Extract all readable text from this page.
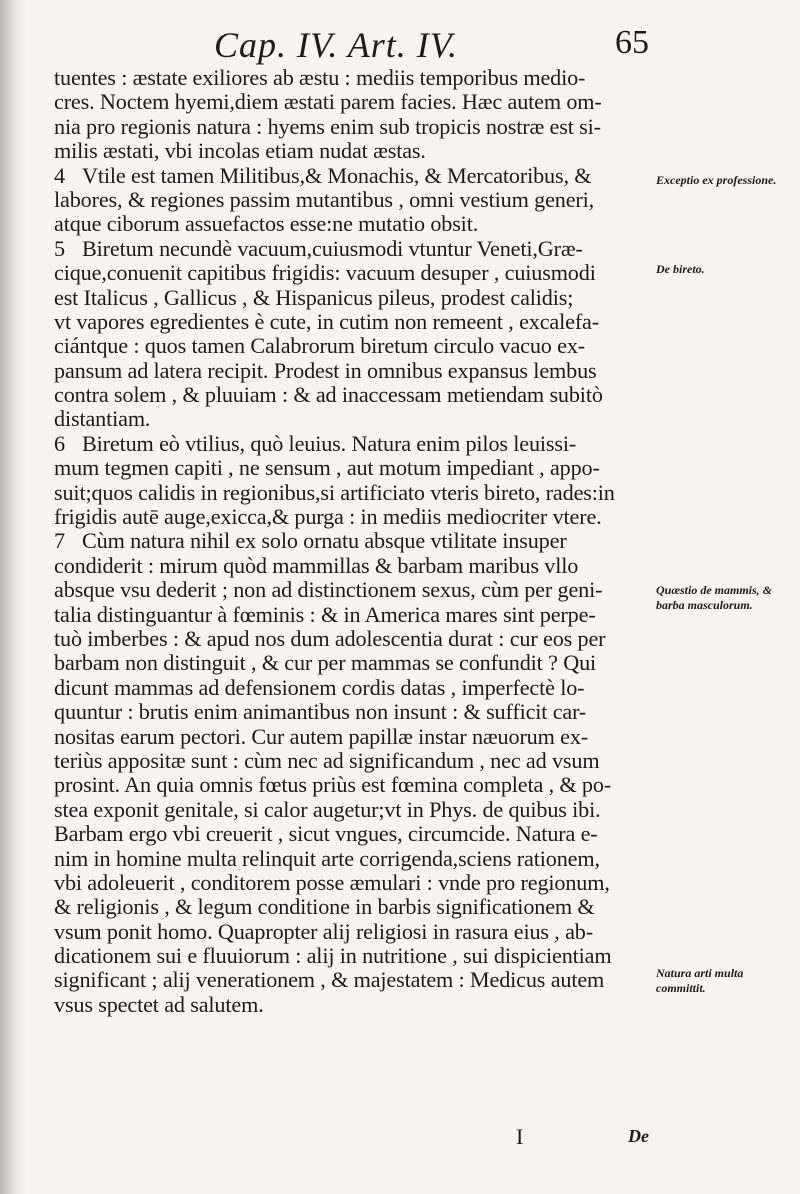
Cap. IV. Art. IV.	65
tuentes : æstate exiliores ab æstu : mediis temporibus medio-
cres. Noctem hyemi,diem æstati parem facies. Hæc autem om-
nia pro regionis natura : hyems enim sub tropicis nostræ est si-
milis æstati, vbi incolas etiam nudat æstas.
4 Vtile est tamen Militibus,& Monachis, & Mercatoribus, &
labores, & regiones passim mutantibus , omni vestium generi,
atque ciborum assuefactos esse:ne mutatio obsit.
5 Biretum necundè vacuum,cuiusmodi vtuntur Veneti,Græ-
cique,conuenit capitibus frigidis: vacuum desuper , cuiusmodi
est Italicus , Gallicus , & Hispanicus pileus, prodest calidis;
vt vapores egredientes è cute, in cutim non remeent , excalefa-
ciántque : quos tamen Calabrorum biretum circulo vacuo ex-
pansum ad latera recipit. Prodest in omnibus expansus lembus
contra solem , & pluuiam : & ad inaccessam metiendam subitò
distantiam.
6 Biretum eò vtilius, quò leuius. Natura enim pilos leuissi-
mum tegmen capiti , ne sensum , aut motum impediant , appo-
suit;quos calidis in regionibus,si artificiato vteris bireto, rades:in
frigidis autē auge,exicca,& purga : in mediis mediocriter vtere.
7 Cùm natura nihil ex solo ornatu absque vtilitate insuper
condiderit : mirum quòd mammillas & barbam maribus vllo
absque vsu dederit ; non ad distinctionem sexus, cùm per geni-
talia distinguantur à fœminis : & in America mares sint perpe-
tuò imberbes : & apud nos dum adolescentia durat : cur eos per
barbam non distinguit , & cur per mammas se confundit ? Qui
dicunt mammas ad defensionem cordis datas , imperfectè lo-
quuntur : brutis enim animantibus non insunt : & sufficit car-
nositas earum pectori. Cur autem papillæ instar næuorum ex-
teriùs appositæ sunt : cùm nec ad significandum , nec ad vsum
prosint. An quia omnis fœtus priùs est fœmina completa , & po-
stea exponit genitale, si calor augetur;vt in Phys. de quibus ibi.
Barbam ergo vbi creuerit , sicut vngues, circumcide. Natura e-
nim in homine multa relinquit arte corrigenda,sciens rationem,
vbi adoleuerit , conditorem posse æmulari : vnde pro regionum,
& religionis , & legum conditione in barbis significationem &
vsum ponit homo. Quapropter alij religiosi in rasura eius , ab-
dicationem sui e fluuiorum : alij in nutritione , sui dispicientiam
significant ; alij venerationem , & majestatem : Medicus autem
vsus spectet ad salutem.
Exceptio ex professione.
De bireto.
Quæstio de mammis, & barba masculorum.
Natura arti multa committit.
I	De
